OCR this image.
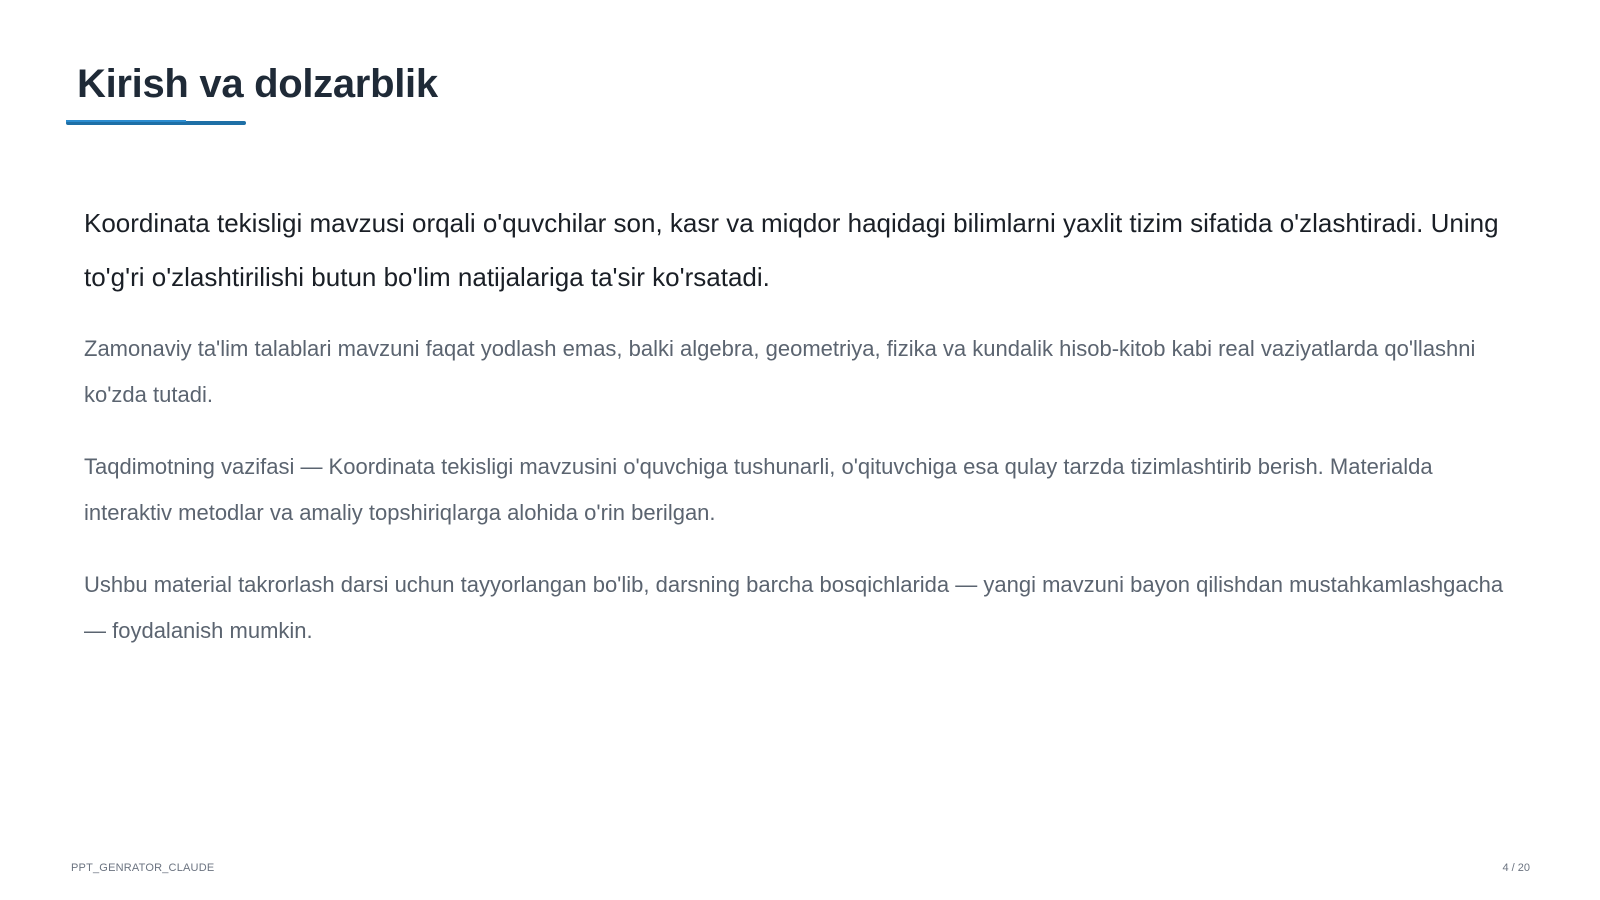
Kirish va dolzarblik

Koordinata tekisligi mavzusi orqali o'quvchilar son, kasr va miqdor haqidagi bilimlarni yaxlit tizim sifatida o'zlashtiradi. Uning to'g'ri o'zlashtirilishi butun bo'lim natijalariga ta'sir ko'rsatadi.

Zamonaviy ta'lim talablari mavzuni faqat yodlash emas, balki algebra, geometriya, fizika va kundalik hisob-kitob kabi real vaziyatlarda qo'llashni ko'zda tutadi.

Taqdimotning vazifasi — Koordinata tekisligi mavzusini o'quvchiga tushunarli, o'qituvchiga esa qulay tarzda tizimlashtirib berish. Materialda interaktiv metodlar va amaliy topshiriqlarga alohida o'rin berilgan.

Ushbu material takrorlash darsi uchun tayyorlangan bo'lib, darsning barcha bosqichlarida — yangi mavzuni bayon qilishdan mustahkamlashgacha — foydalanish mumkin.

PPT_GENRATOR_CLAUDE	4 / 20
